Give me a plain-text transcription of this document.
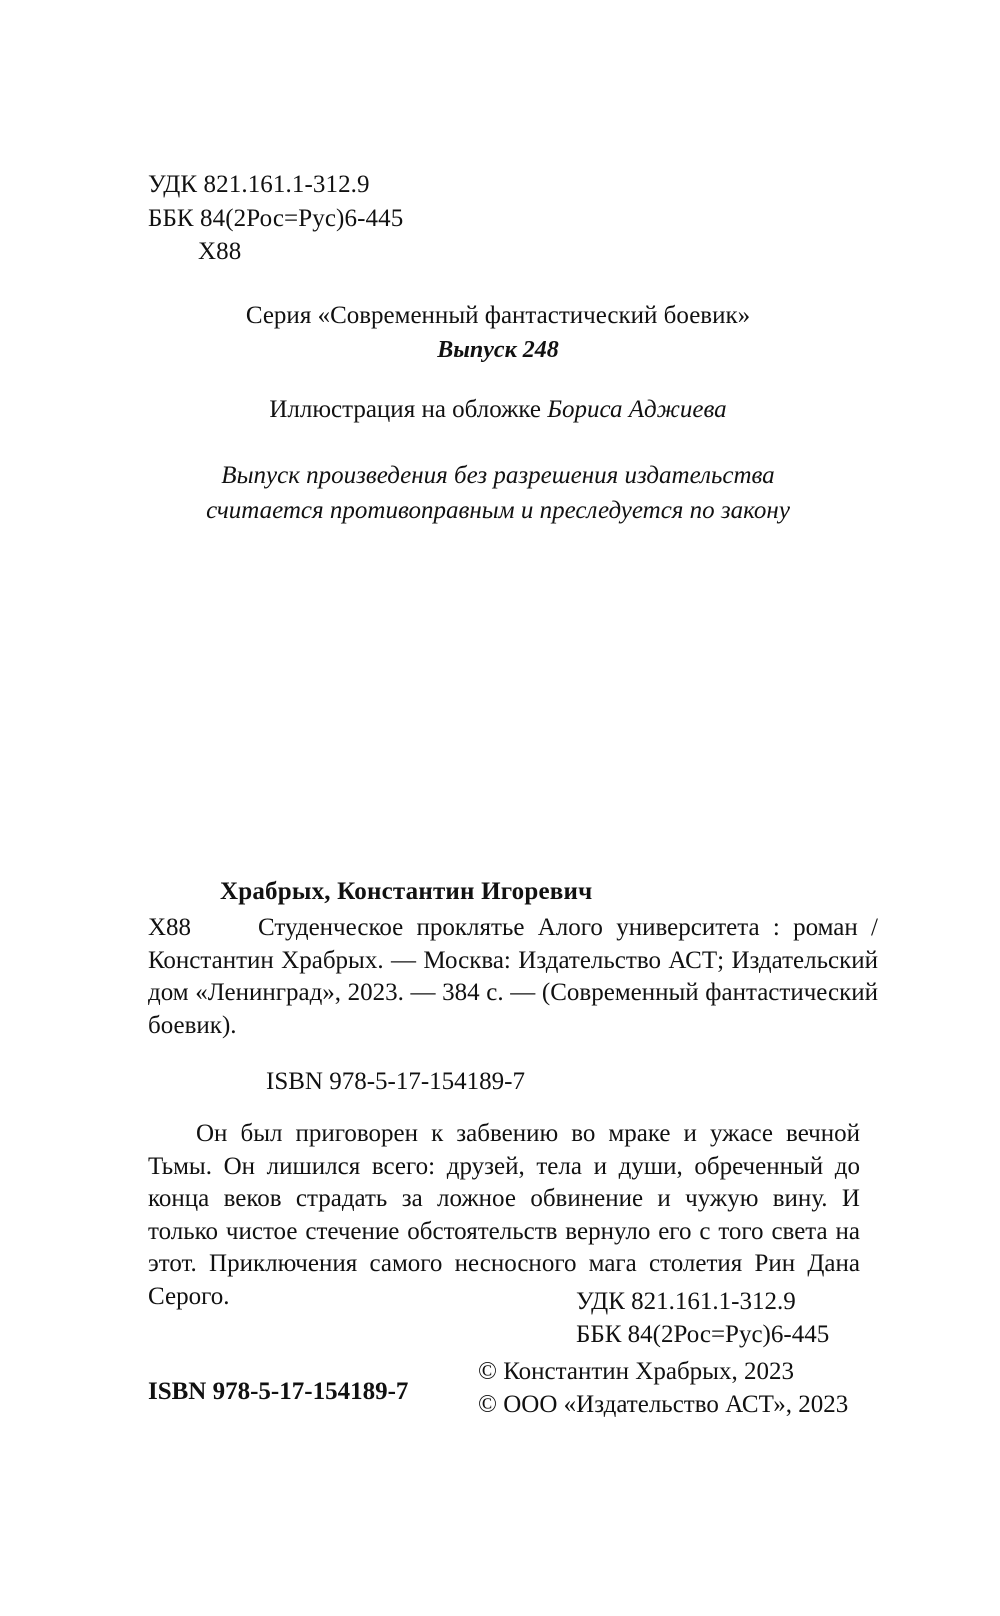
УДК 821.161.1-312.9
ББК 84(2Рос=Рус)6-445
Х88
Серия «Современный фантастический боевик»
Выпуск 248
Иллюстрация на обложке Бориса Аджиева
Выпуск произведения без разрешения издательства
считается противоправным и преследуется по закону
Храбрых, Константин Игоревич
Х88	Студенческое проклятье Алого университета : роман / Константин Храбрых. — Москва: Издательство АСТ; Издательский дом «Ленинград», 2023. — 384 с. — (Современный фантастический боевик).
ISBN 978-5-17-154189-7
Он был приговорен к забвению во мраке и ужасе вечной Тьмы. Он лишился всего: друзей, тела и души, обреченный до конца веков страдать за ложное обвинение и чужую вину. И только чистое стечение обстоятельств вернуло его с того света на этот. Приключения самого несносного мага столетия Рин Дана Серого.	УДК 821.161.1-312.9
ББК 84(2Рос=Рус)6-445
© Константин Храбрых, 2023
© ООО «Издательство АСТ», 2023
ISBN 978-5-17-154189-7
